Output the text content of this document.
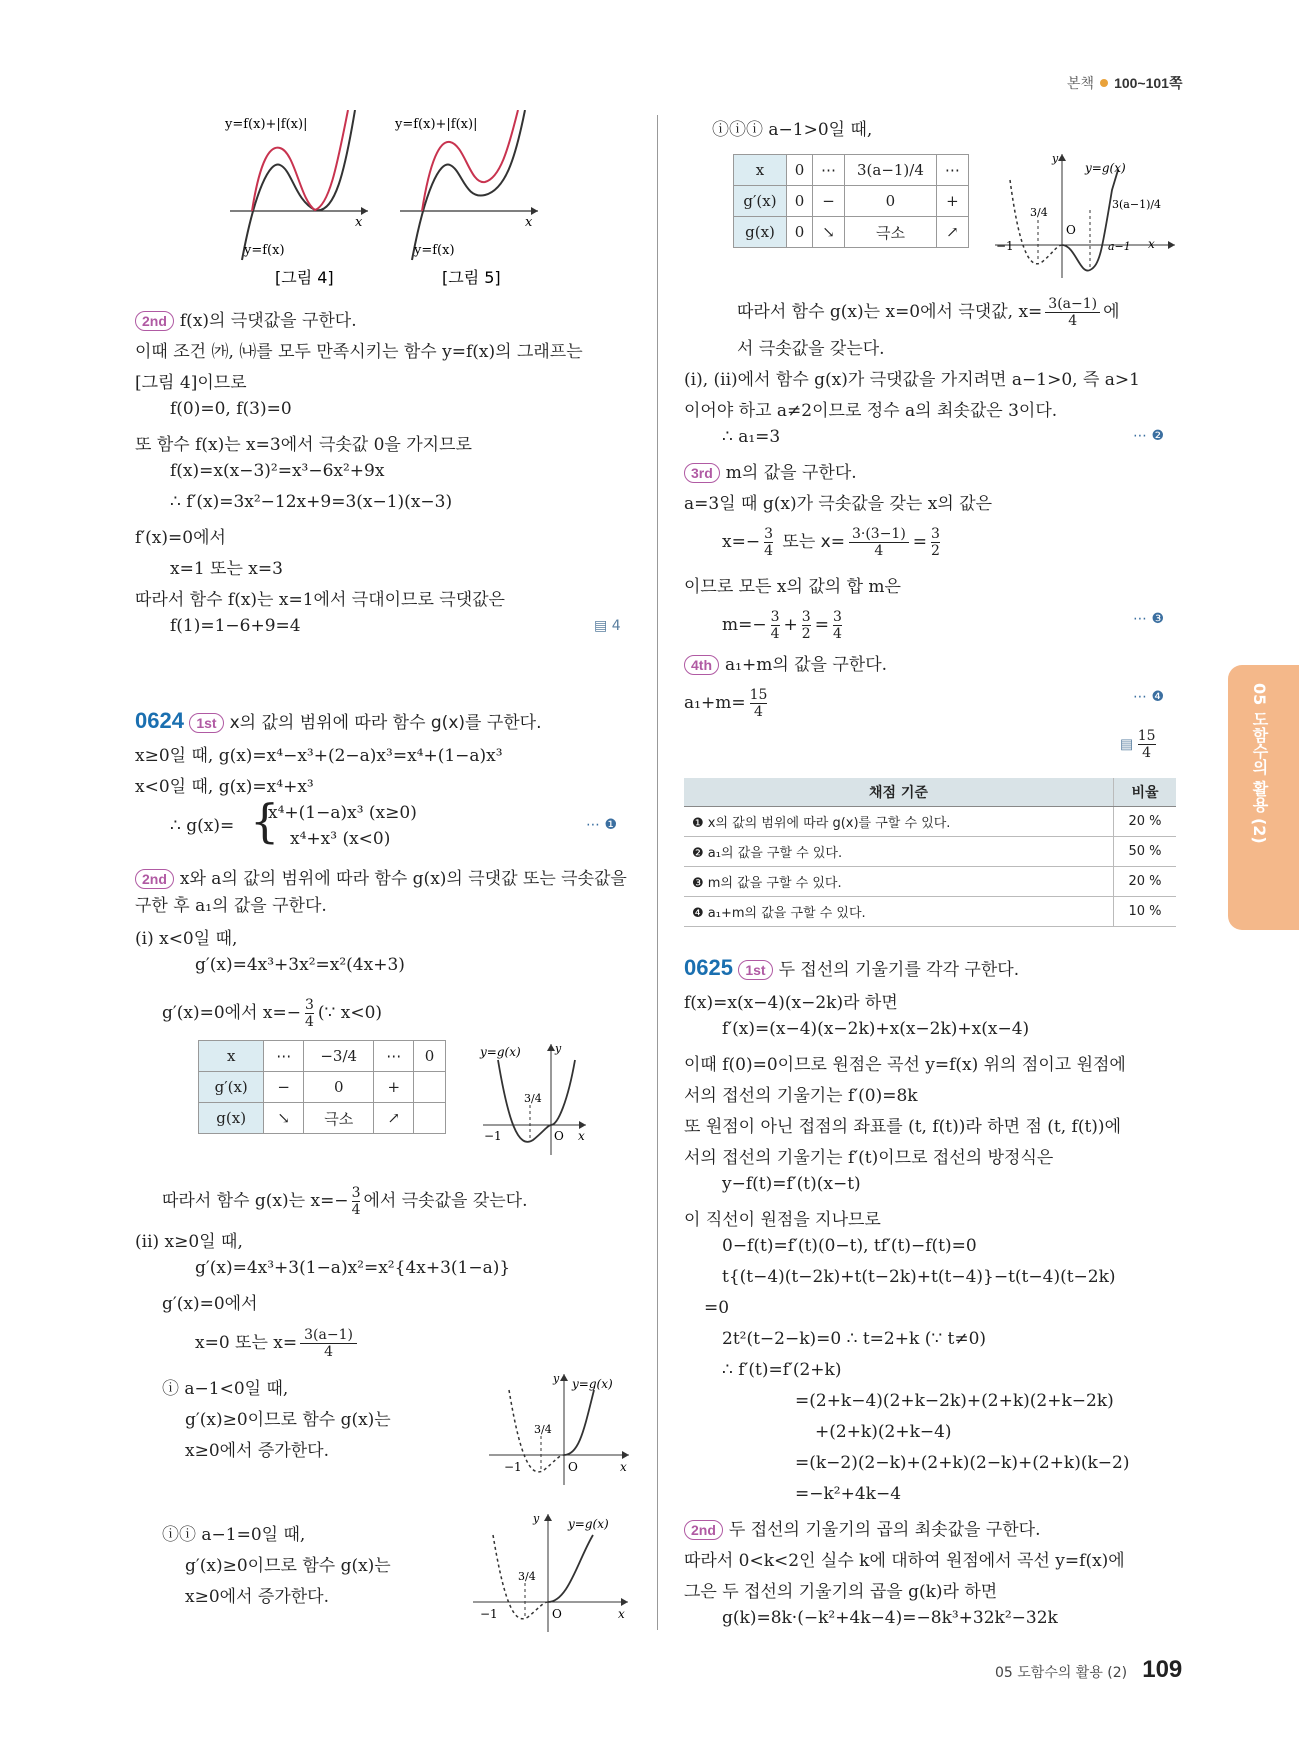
본책 100~101쪽
05 도함수의 활용 (2)
y=f(x)+|f(x)|
y=f(x)
x
y=f(x)+|f(x)|
y=f(x)
x
[그림 4]	[그림 5]
2nd f(x)의 극댓값을 구한다.
이때 조건 ㈎, ㈏를 모두 만족시키는 함수 y=f(x)의 그래프는
[그림 4]이므로
f(0)=0, f(3)=0
또 함수 f(x)는 x=3에서 극솟값 0을 가지므로
f(x)=x(x−3)²=x³−6x²+9x
∴ f′(x)=3x²−12x+9=3(x−1)(x−3)
f′(x)=0에서
x=1 또는 x=3
따라서 함수 f(x)는 x=1에서 극대이므로 극댓값은
f(1)=1−6+9=4	▤ 4
0624 1st x의 값의 범위에 따라 함수 g(x)를 구한다.
x≥0일 때, g(x)=x⁴−x³+(2−a)x³=x⁴+(1−a)x³
x<0일 때, g(x)=x⁴+x³
∴ g(x)= {
x⁴+(1−a)x³ (x≥0)
x⁴+x³ (x<0)
⋯ ❶
2nd x와 a의 값의 범위에 따라 함수 g(x)의 극댓값 또는 극솟값을
구한 후 a₁의 값을 구한다.
(i) x<0일 때,
g′(x)=4x³+3x²=x²(4x+3)
g′(x)=0에서 $x=- \frac{3}{4}$ (∵ x<0)
x	⋯	−3/4	⋯	0
g′(x)	−	0	+	
g(x)	↘	극소	↗	
y=g(x)	y
3/4
−1	O x
따라서 함수 g(x)는 $x=- \frac{3}{4}$ 에서 극솟값을 갖는다.
(ii) x≥0일 때,
g′(x)=4x³+3(1−a)x²=x²{4x+3(1−a)}
g′(x)=0에서
x=0 또는 $x= \frac{3(a-1)}{4}$
ⓘ a−1<0일 때,
g′(x)≥0이므로 함수 g(x)는
x≥0에서 증가한다.
y=g(x)
y
3/4
−1	O	x
ⓘⓘ a−1=0일 때,
g′(x)≥0이므로 함수 g(x)는
x≥0에서 증가한다.
y=g(x)
y
3/4
−1	O	x
ⓘⓘⓘ a−1>0일 때,
x	0	⋯	3(a−1)/4	⋯
g′(x)	0	−	0	+
g(x)	0	↘	극소	↗
y=g(x)
y
3/4
3(a−1)/4
−1
O
a−1 x
따라서 함수 g(x)는 x=0에서 극댓값, $x= \frac{3(a-1)}{4}$ 에
서 극솟값을 갖는다.
(i), (ii)에서 함수 g(x)가 극댓값을 가지려면 a−1>0, 즉 a>1
이어야 하고 a≠2이므로 정수 a의 최솟값은 3이다.
∴ a₁=3	⋯ ❷
3rd m의 값을 구한다.
a=3일 때 g(x)가 극솟값을 갖는 x의 값은
$x=- \frac{3}{4}$ 또는 $x= \frac{3\cdot(3-1)}{4} = \frac{3}{2}$
이므로 모든 x의 값의 합 m은
$m=- \frac{3}{4} + \frac{3}{2} = \frac{3}{4}$	⋯ ❸
4th a₁+m의 값을 구한다.
$a_1+m= \frac{15}{4}$	⋯ ❹
▤ $\frac{15}{4}$
채점 기준	비율
❶ x의 값의 범위에 따라 g(x)를 구할 수 있다.	20 %
❷ a₁의 값을 구할 수 있다.	50 %
❸ m의 값을 구할 수 있다.	20 %
❹ a₁+m의 값을 구할 수 있다.	10 %
0625 1st 두 접선의 기울기를 각각 구한다.
f(x)=x(x−4)(x−2k)라 하면
f′(x)=(x−4)(x−2k)+x(x−2k)+x(x−4)
이때 f(0)=0이므로 원점은 곡선 y=f(x) 위의 점이고 원점에
서의 접선의 기울기는 f′(0)=8k
또 원점이 아닌 접점의 좌표를 (t, f(t))라 하면 점 (t, f(t))에
서의 접선의 기울기는 f′(t)이므로 접선의 방정식은
y−f(t)=f′(t)(x−t)
이 직선이 원점을 지나므로
0−f(t)=f′(t)(0−t), tf′(t)−f(t)=0
t{(t−4)(t−2k)+t(t−2k)+t(t−4)}−t(t−4)(t−2k)
=0
2t²(t−2−k)=0 ∴ t=2+k (∵ t≠0)
∴ f′(t)=f′(2+k)
=(2+k−4)(2+k−2k)+(2+k)(2+k−2k)
+(2+k)(2+k−4)
=(k−2)(2−k)+(2+k)(2−k)+(2+k)(k−2)
=−k²+4k−4
2nd 두 접선의 기울기의 곱의 최솟값을 구한다.
따라서 0<k<2인 실수 k에 대하여 원점에서 곡선 y=f(x)에
그은 두 접선의 기울기의 곱을 g(k)라 하면
g(k)=8k·(−k²+4k−4)=−8k³+32k²−32k
05 도함수의 활용 (2) 109
